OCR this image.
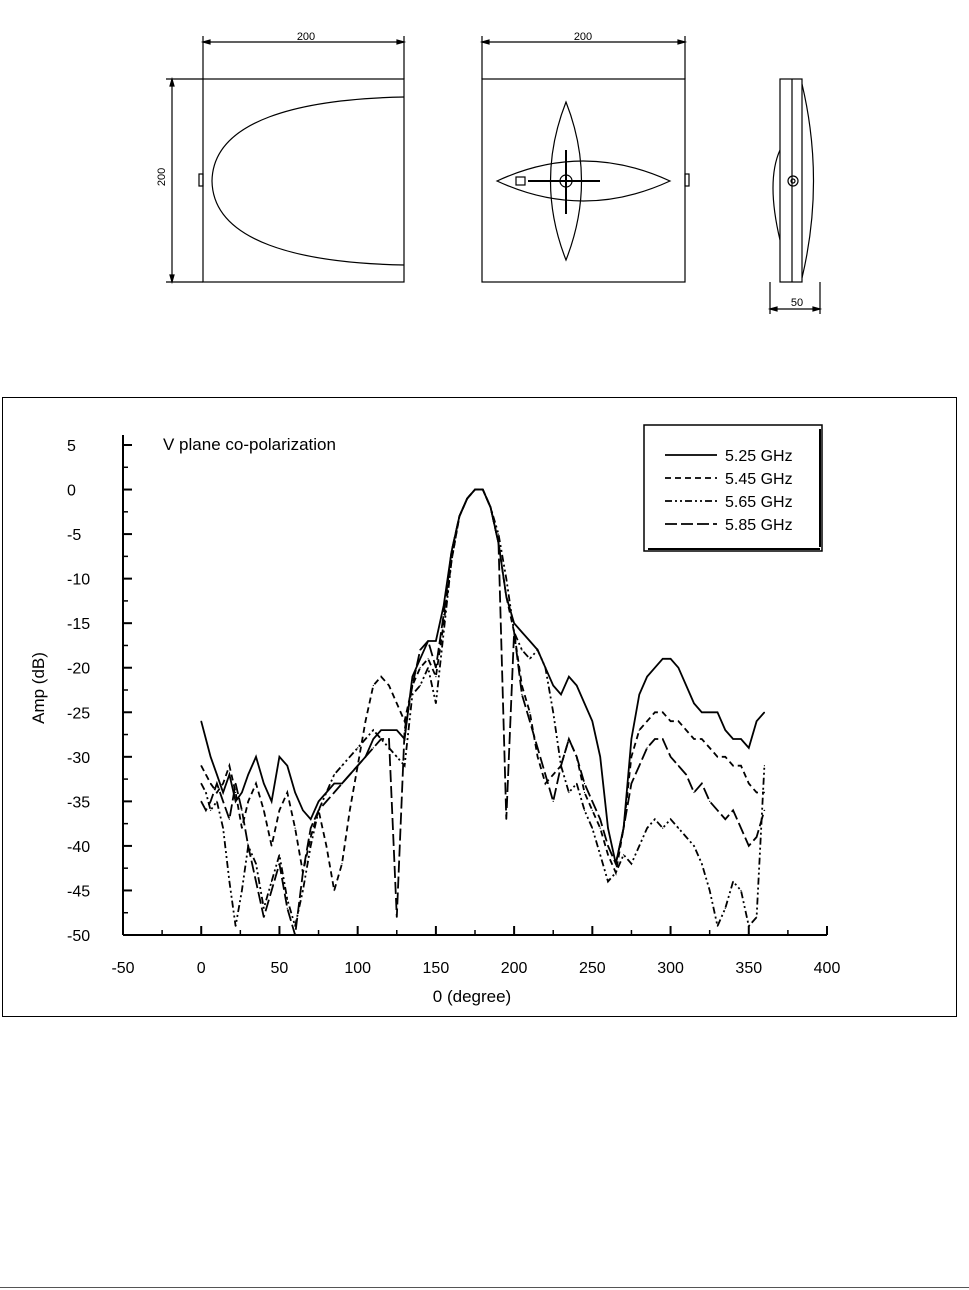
200	200
200
50
5
0
-5
-10
-15
-20
-25
-30
-35
-40
-45
-50
-50	0	50	100	150	200	250	300	350	400
V plane co-polarization
0 (degree)
Amp (dB)
5.25 GHz
5.45 GHz
5.65 GHz
5.85 GHz
